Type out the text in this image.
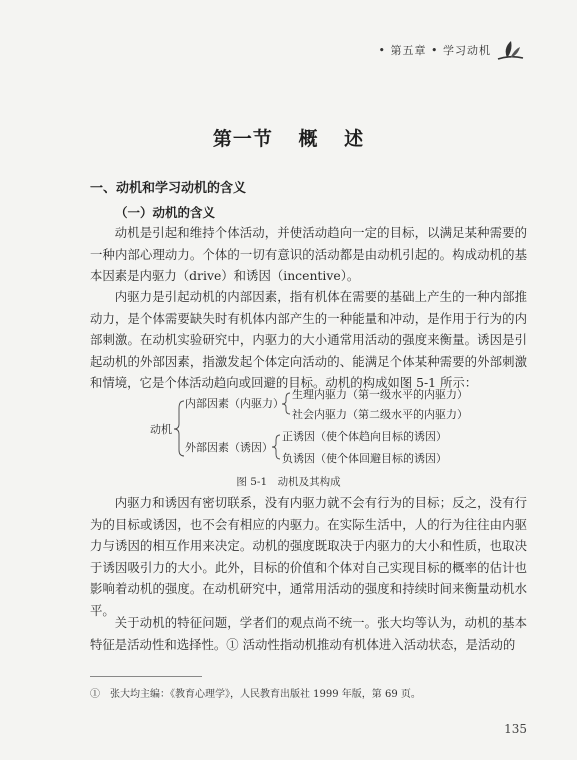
• 第五章 • 学习动机
第一节 概 述
一、动机和学习动机的含义
（一）动机的含义

动机是引起和维持个体活动，并使活动趋向一定的目标，以满足某种需要的一种内部心理动力。个体的一切有意识的活动都是由动机引起的。构成动机的基本因素是内驱力（drive）和诱因（incentive）。

内驱力是引起动机的内部因素，指有机体在需要的基础上产生的一种内部推动力，是个体需要缺失时有机体内部产生的一种能量和冲动，是作用于行为的内部刺激。在动机实验研究中，内驱力的大小通常用活动的强度来衡量。诱因是引起动机的外部因素，指激发起个体定向活动的、能满足个体某种需要的外部刺激和情境，它是个体活动趋向或回避的目标。动机的构成如图 5-1 所示：

动机
内部因素（内驱力）
外部因素（诱因）
生理内驱力（第一级水平的内驱力）
社会内驱力（第二级水平的内驱力）
正诱因（使个体趋向目标的诱因）
负诱因（使个体回避目标的诱因）
图 5-1　动机及其构成

内驱力和诱因有密切联系，没有内驱力就不会有行为的目标；反之，没有行为的目标或诱因，也不会有相应的内驱力。在实际生活中，人的行为往往由内驱力与诱因的相互作用来决定。动机的强度既取决于内驱力的大小和性质，也取决于诱因吸引力的大小。此外，目标的价值和个体对自己实现目标的概率的估计也影响着动机的强度。在动机研究中，通常用活动的强度和持续时间来衡量动机水平。

关于动机的特征问题，学者们的观点尚不统一。张大均等认为，动机的基本特征是活动性和选择性。① 活动性指动机推动有机体进入活动状态，是活动的

①　张大均主编：《教育心理学》，人民教育出版社 1999 年版，第 69 页。
135
